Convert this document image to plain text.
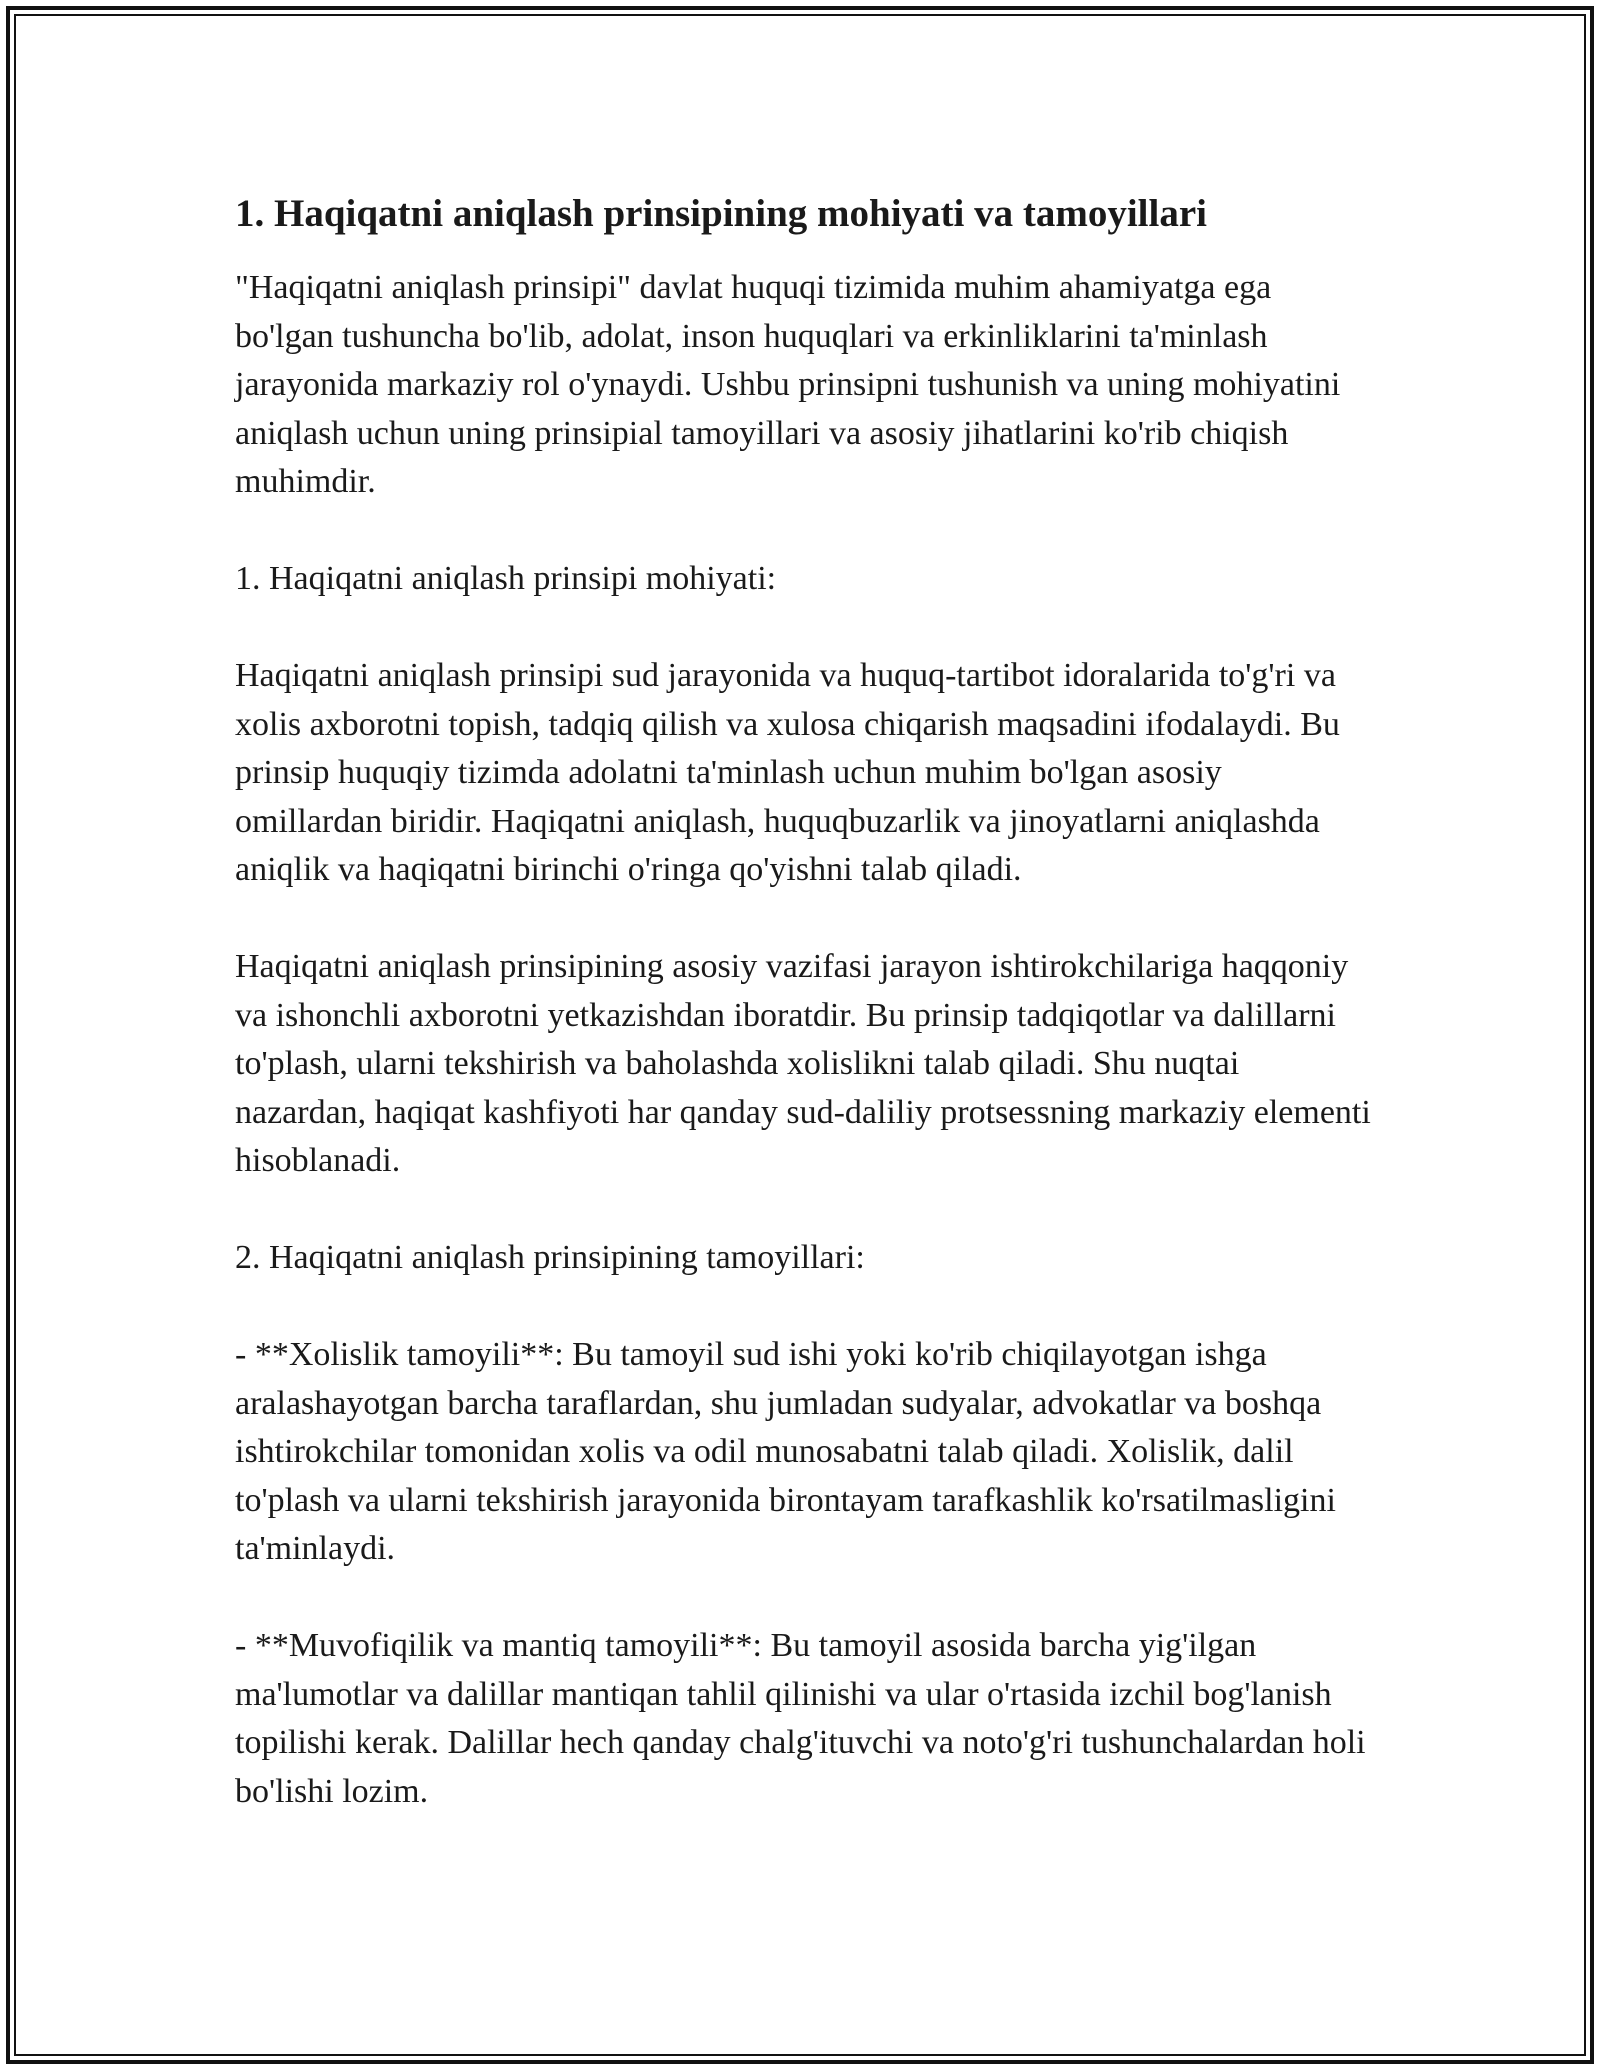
1. Haqiqatni aniqlash prinsipining mohiyati va tamoyillari

"Haqiqatni aniqlash prinsipi" davlat huquqi tizimida muhim ahamiyatga ega bo'lgan tushuncha bo'lib, adolat, inson huquqlari va erkinliklarini ta'minlash jarayonida markaziy rol o'ynaydi. Ushbu prinsipni tushunish va uning mohiyatini aniqlash uchun uning prinsipial tamoyillari va asosiy jihatlarini ko'rib chiqish muhimdir.

1. Haqiqatni aniqlash prinsipi mohiyati:

Haqiqatni aniqlash prinsipi sud jarayonida va huquq-tartibot idoralarida to'g'ri va xolis axborotni topish, tadqiq qilish va xulosa chiqarish maqsadini ifodalaydi. Bu prinsip huquqiy tizimda adolatni ta'minlash uchun muhim bo'lgan asosiy omillardan biridir. Haqiqatni aniqlash, huquqbuzarlik va jinoyatlarni aniqlashda aniqlik va haqiqatni birinchi o'ringa qo'yishni talab qiladi.

Haqiqatni aniqlash prinsipining asosiy vazifasi jarayon ishtirokchilariga haqqoniy va ishonchli axborotni yetkazishdan iboratdir. Bu prinsip tadqiqotlar va dalillarni to'plash, ularni tekshirish va baholashda xolislikni talab qiladi. Shu nuqtai nazardan, haqiqat kashfiyoti har qanday sud-daliliy protsessning markaziy elementi hisoblanadi.

2. Haqiqatni aniqlash prinsipining tamoyillari:

- **Xolislik tamoyili**: Bu tamoyil sud ishi yoki ko'rib chiqilayotgan ishga aralashayotgan barcha taraflardan, shu jumladan sudyalar, advokatlar va boshqa ishtirokchilar tomonidan xolis va odil munosabatni talab qiladi. Xolislik, dalil to'plash va ularni tekshirish jarayonida birontayam tarafkashlik ko'rsatilmasligini ta'minlaydi.

- **Muvofiqilik va mantiq tamoyili**: Bu tamoyil asosida barcha yig'ilgan ma'lumotlar va dalillar mantiqan tahlil qilinishi va ular o'rtasida izchil bog'lanish topilishi kerak. Dalillar hech qanday chalg'ituvchi va noto'g'ri tushunchalardan holi bo'lishi lozim.
